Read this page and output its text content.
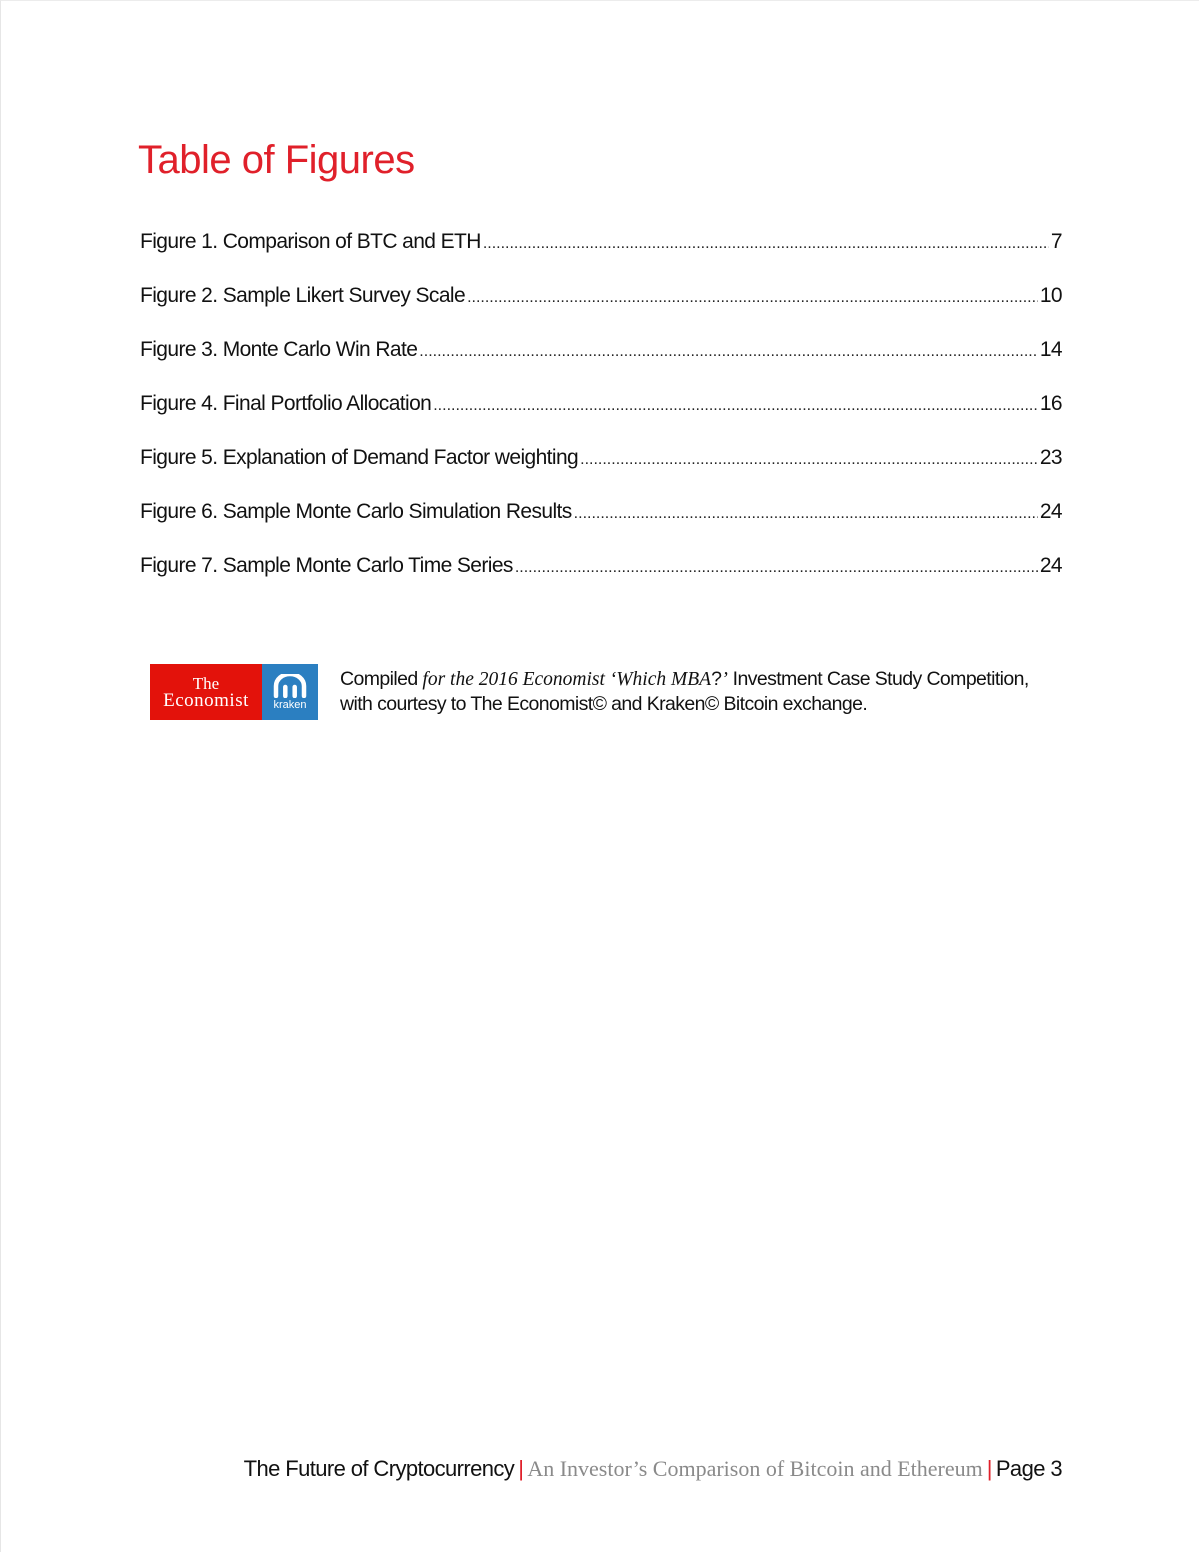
Table of Figures
Figure 1. Comparison of BTC and ETH .....	7
Figure 2. Sample Likert Survey Scale .....	10
Figure 3. Monte Carlo Win Rate .....	14
Figure 4. Final Portfolio Allocation .....	16
Figure 5. Explanation of Demand Factor weighting .....	23
Figure 6. Sample Monte Carlo Simulation Results .....	24
Figure 7. Sample Monte Carlo Time Series .....	24
The
Economist kraken
Compiled for the 2016 Economist ‘Which MBA?’ Investment Case Study Competition, with courtesy to The Economist© and Kraken© Bitcoin exchange.
The Future of Cryptocurrency | An Investor’s Comparison of Bitcoin and Ethereum | Page 3
